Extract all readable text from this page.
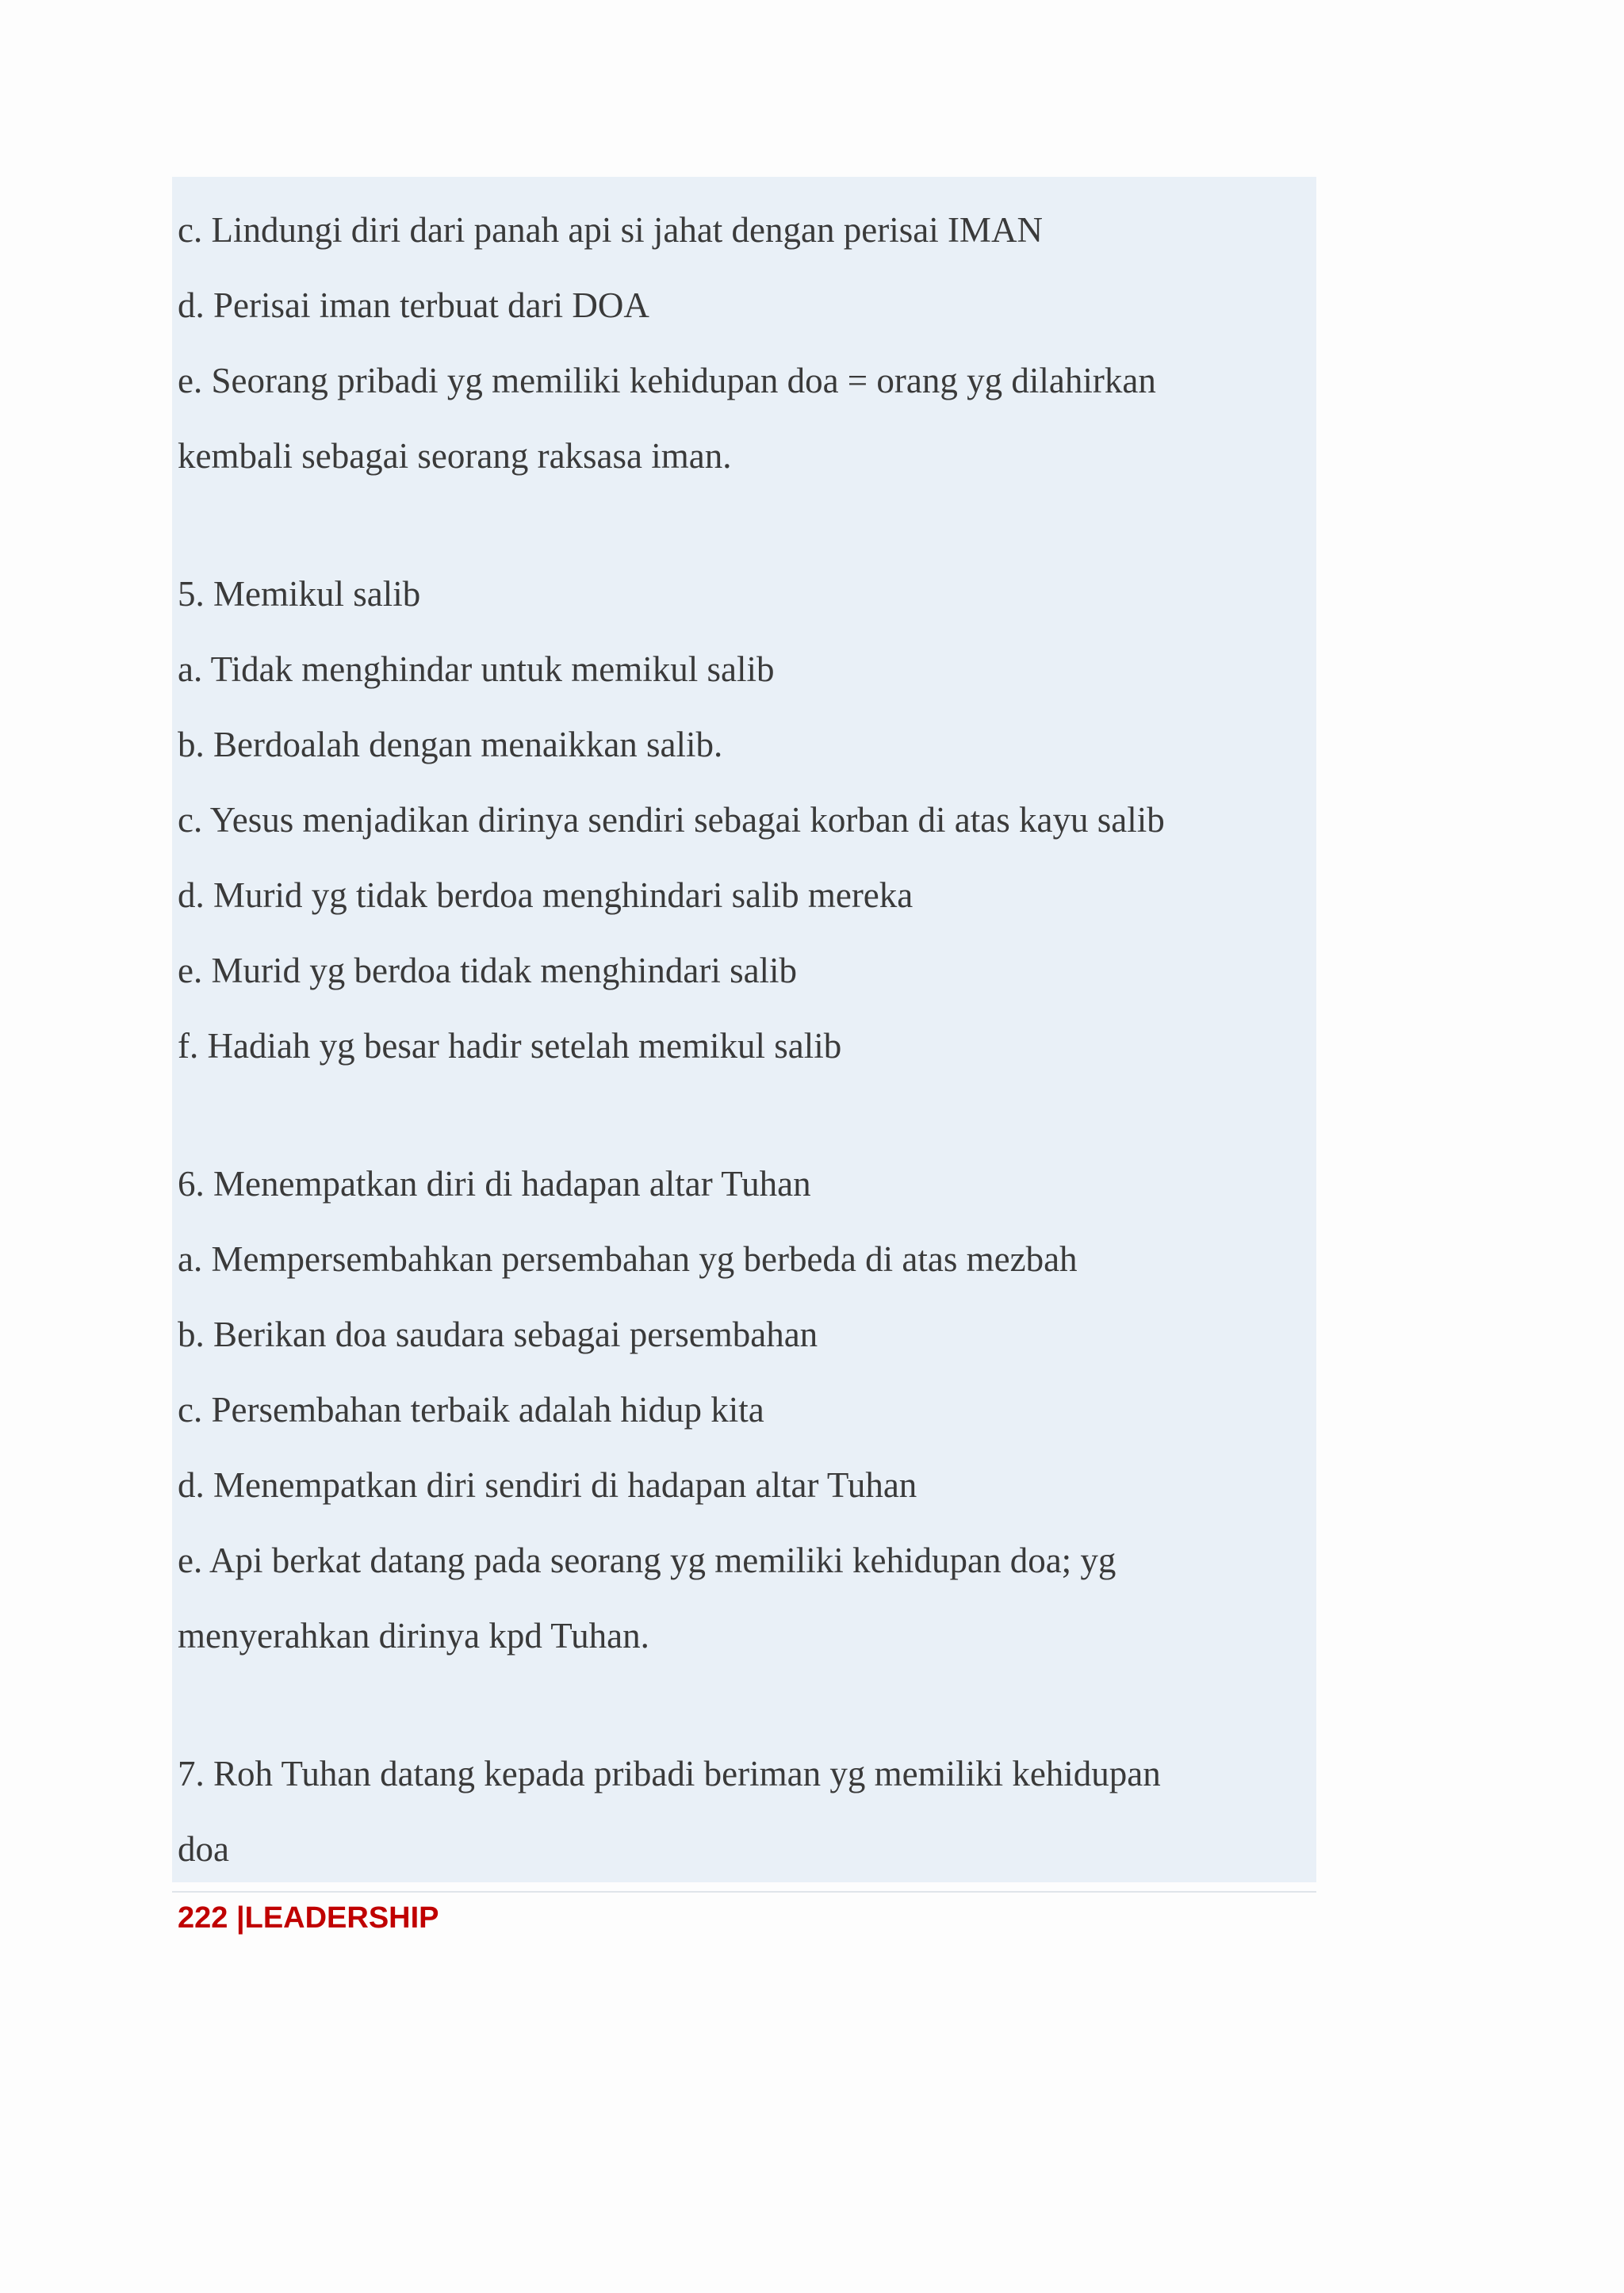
c. Lindungi diri dari panah api si jahat dengan perisai IMAN
d. Perisai iman terbuat dari DOA
e. Seorang pribadi yg memiliki kehidupan doa = orang yg dilahirkan
kembali sebagai seorang raksasa iman.
5. Memikul salib
a. Tidak menghindar untuk memikul salib
b. Berdoalah dengan menaikkan salib.
c. Yesus menjadikan dirinya sendiri sebagai korban di atas kayu salib
d. Murid yg tidak berdoa menghindari salib mereka
e. Murid yg berdoa tidak menghindari salib
f. Hadiah yg besar hadir setelah memikul salib
6. Menempatkan diri di hadapan altar Tuhan
a. Mempersembahkan persembahan yg berbeda di atas mezbah
b. Berikan doa saudara sebagai persembahan
c. Persembahan terbaik adalah hidup kita
d. Menempatkan diri sendiri di hadapan altar Tuhan
e. Api berkat datang pada seorang yg memiliki kehidupan doa; yg
menyerahkan dirinya kpd Tuhan.
7. Roh Tuhan datang kepada pribadi beriman yg memiliki kehidupan
doa
222 |LEADERSHIP
